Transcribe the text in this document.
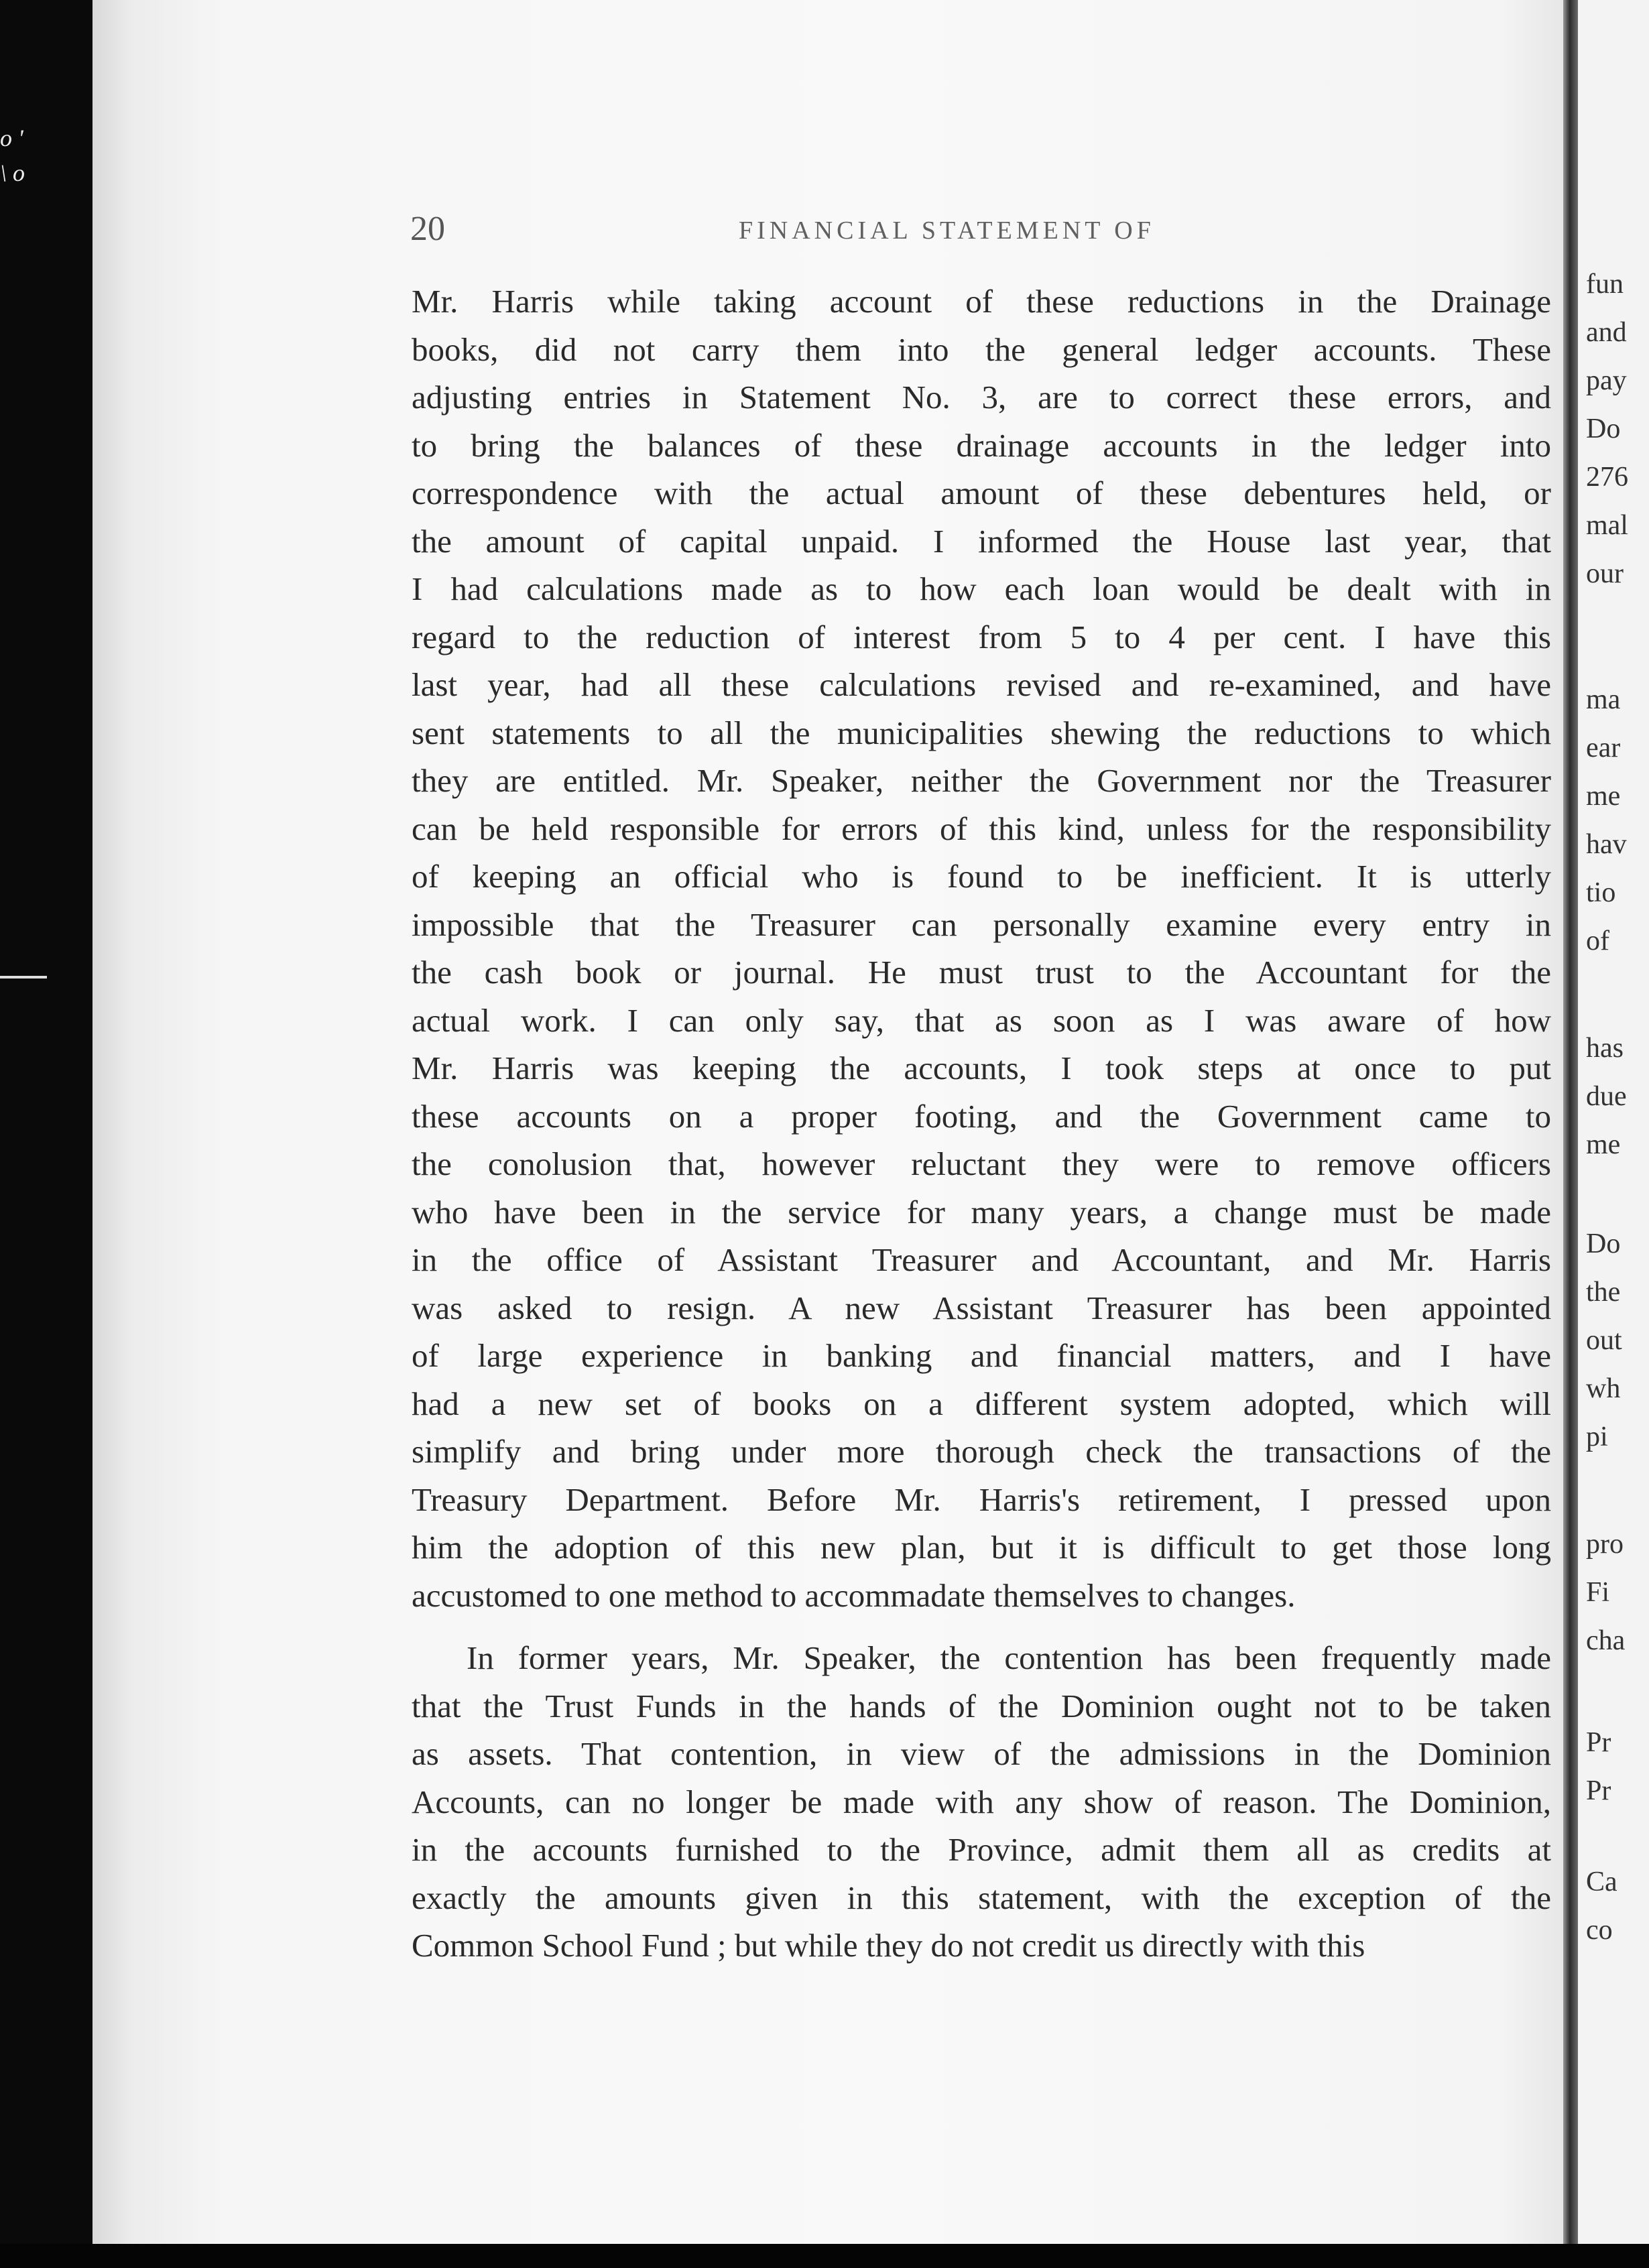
o '
\ o
20	FINANCIAL STATEMENT OF

Mr. Harris while taking account of these reductions in the Drainage
books, did not carry them into the general ledger accounts. These
adjusting entries in Statement No. 3, are to correct these errors, and
to bring the balances of these drainage accounts in the ledger into
correspondence with the actual amount of these debentures held, or
the amount of capital unpaid. I informed the House last year, that
I had calculations made as to how each loan would be dealt with in
regard to the reduction of interest from 5 to 4 per cent. I have this
last year, had all these calculations revised and re-examined, and have
sent statements to all the municipalities shewing the reductions to which
they are entitled. Mr. Speaker, neither the Government nor the Treasurer
can be held responsible for errors of this kind, unless for the responsibility
of keeping an official who is found to be inefficient. It is utterly
impossible that the Treasurer can personally examine every entry in
the cash book or journal. He must trust to the Accountant for the
actual work. I can only say, that as soon as I was aware of how
Mr. Harris was keeping the accounts, I took steps at once to put
these accounts on a proper footing, and the Government came to
the conolusion that, however reluctant they were to remove officers
who have been in the service for many years, a change must be made
in the office of Assistant Treasurer and Accountant, and Mr. Harris
was asked to resign. A new Assistant Treasurer has been appointed
of large experience in banking and financial matters, and I have
had a new set of books on a different system adopted, which will
simplify and bring under more thorough check the transactions of the
Treasury Department. Before Mr. Harris's retirement, I pressed upon
him the adoption of this new plan, but it is difficult to get those long
accustomed to one method to accommadate themselves to changes.

In former years, Mr. Speaker, the contention has been frequently made
that the Trust Funds in the hands of the Dominion ought not to be taken
as assets. That contention, in view of the admissions in the Dominion
Accounts, can no longer be made with any show of reason. The Dominion,
in the accounts furnished to the Province, admit them all as credits at
exactly the amounts given in this statement, with the exception of the
Common School Fund ; but while they do not credit us directly with this

fun
and
pay
Do
276
mal
our
ma
ear
me
hav
tio
of
has
due
me
Do
the
out
wh
pi
pro
Fi
cha
Pr
Pr
Ca
co
